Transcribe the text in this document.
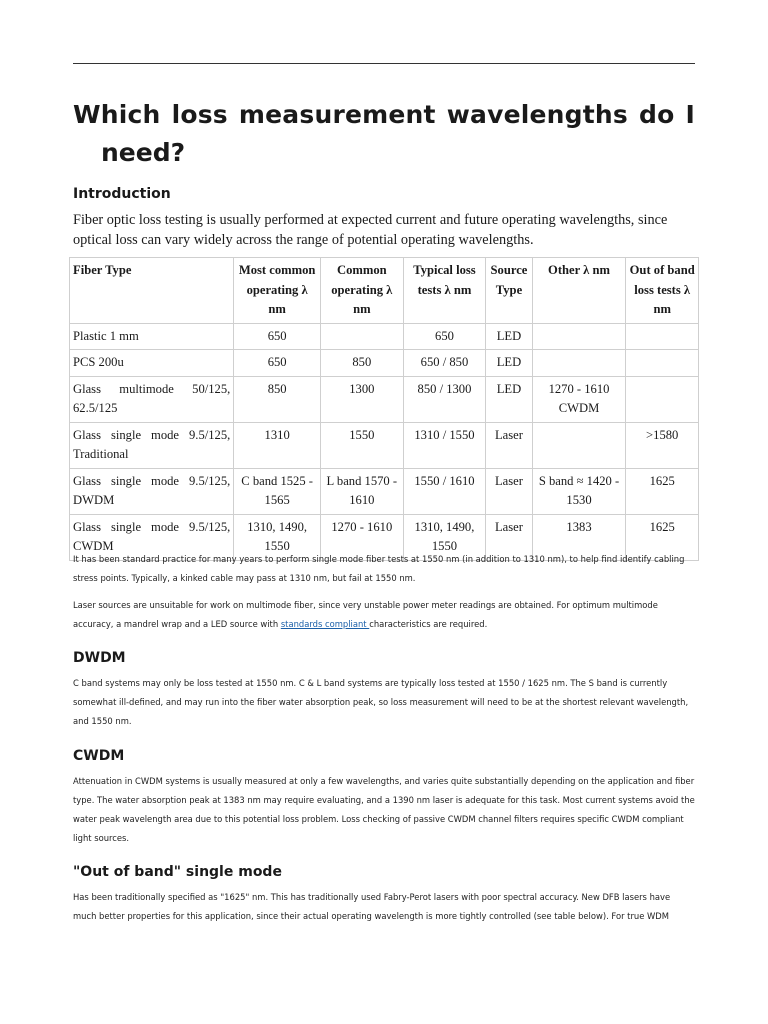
Which loss measurement wavelengths do I
need?
Introduction

Fiber optic loss testing is usually performed at expected current and future operating wavelengths, since optical loss can vary widely across the range of potential operating wavelengths.

Fiber Type	Most common operating λ nm	Common operating λ nm	Typical loss tests λ nm	Source Type	Other λ nm	Out of band loss tests λ nm
Plastic 1 mm	650		650	LED		
PCS 200u	650	850	650 / 850	LED		
Glass multimode 50/125, 62.5/125	850	1300	850 / 1300	LED	1270 - 1610 CWDM	
Glass single mode 9.5/125, Traditional	1310	1550	1310 / 1550	Laser		>1580
Glass single mode 9.5/125, DWDM	C band 1525 - 1565	L band 1570 - 1610	1550 / 1610	Laser	S band ≈ 1420 - 1530	1625
Glass single mode 9.5/125, CWDM	1310, 1490, 1550	1270 - 1610	1310, 1490, 1550	Laser	1383	1625

It has been standard practice for many years to perform single mode fiber tests at 1550 nm (in addition to 1310 nm), to help find identify cabling stress points. Typically, a kinked cable may pass at 1310 nm, but fail at 1550 nm.

Laser sources are unsuitable for work on multimode fiber, since very unstable power meter readings are obtained. For optimum multimode accuracy, a mandrel wrap and a LED source with standards compliant characteristics are required.

DWDM

C band systems may only be loss tested at 1550 nm. C & L band systems are typically loss tested at 1550 / 1625 nm. The S band is currently somewhat ill-defined, and may run into the fiber water absorption peak, so loss measurement will need to be at the shortest relevant wavelength, and 1550 nm.

CWDM

Attenuation in CWDM systems is usually measured at only a few wavelengths, and varies quite substantially depending on the application and fiber type. The water absorption peak at 1383 nm may require evaluating, and a 1390 nm laser is adequate for this task. Most current systems avoid the water peak wavelength area due to this potential loss problem. Loss checking of passive CWDM channel filters requires specific CWDM compliant light sources.

"Out of band" single mode

Has been traditionally specified as "1625" nm. This has traditionally used Fabry-Perot lasers with poor spectral accuracy. New DFB lasers have much better properties for this application, since their actual operating wavelength is more tightly controlled (see table below). For true WDM
